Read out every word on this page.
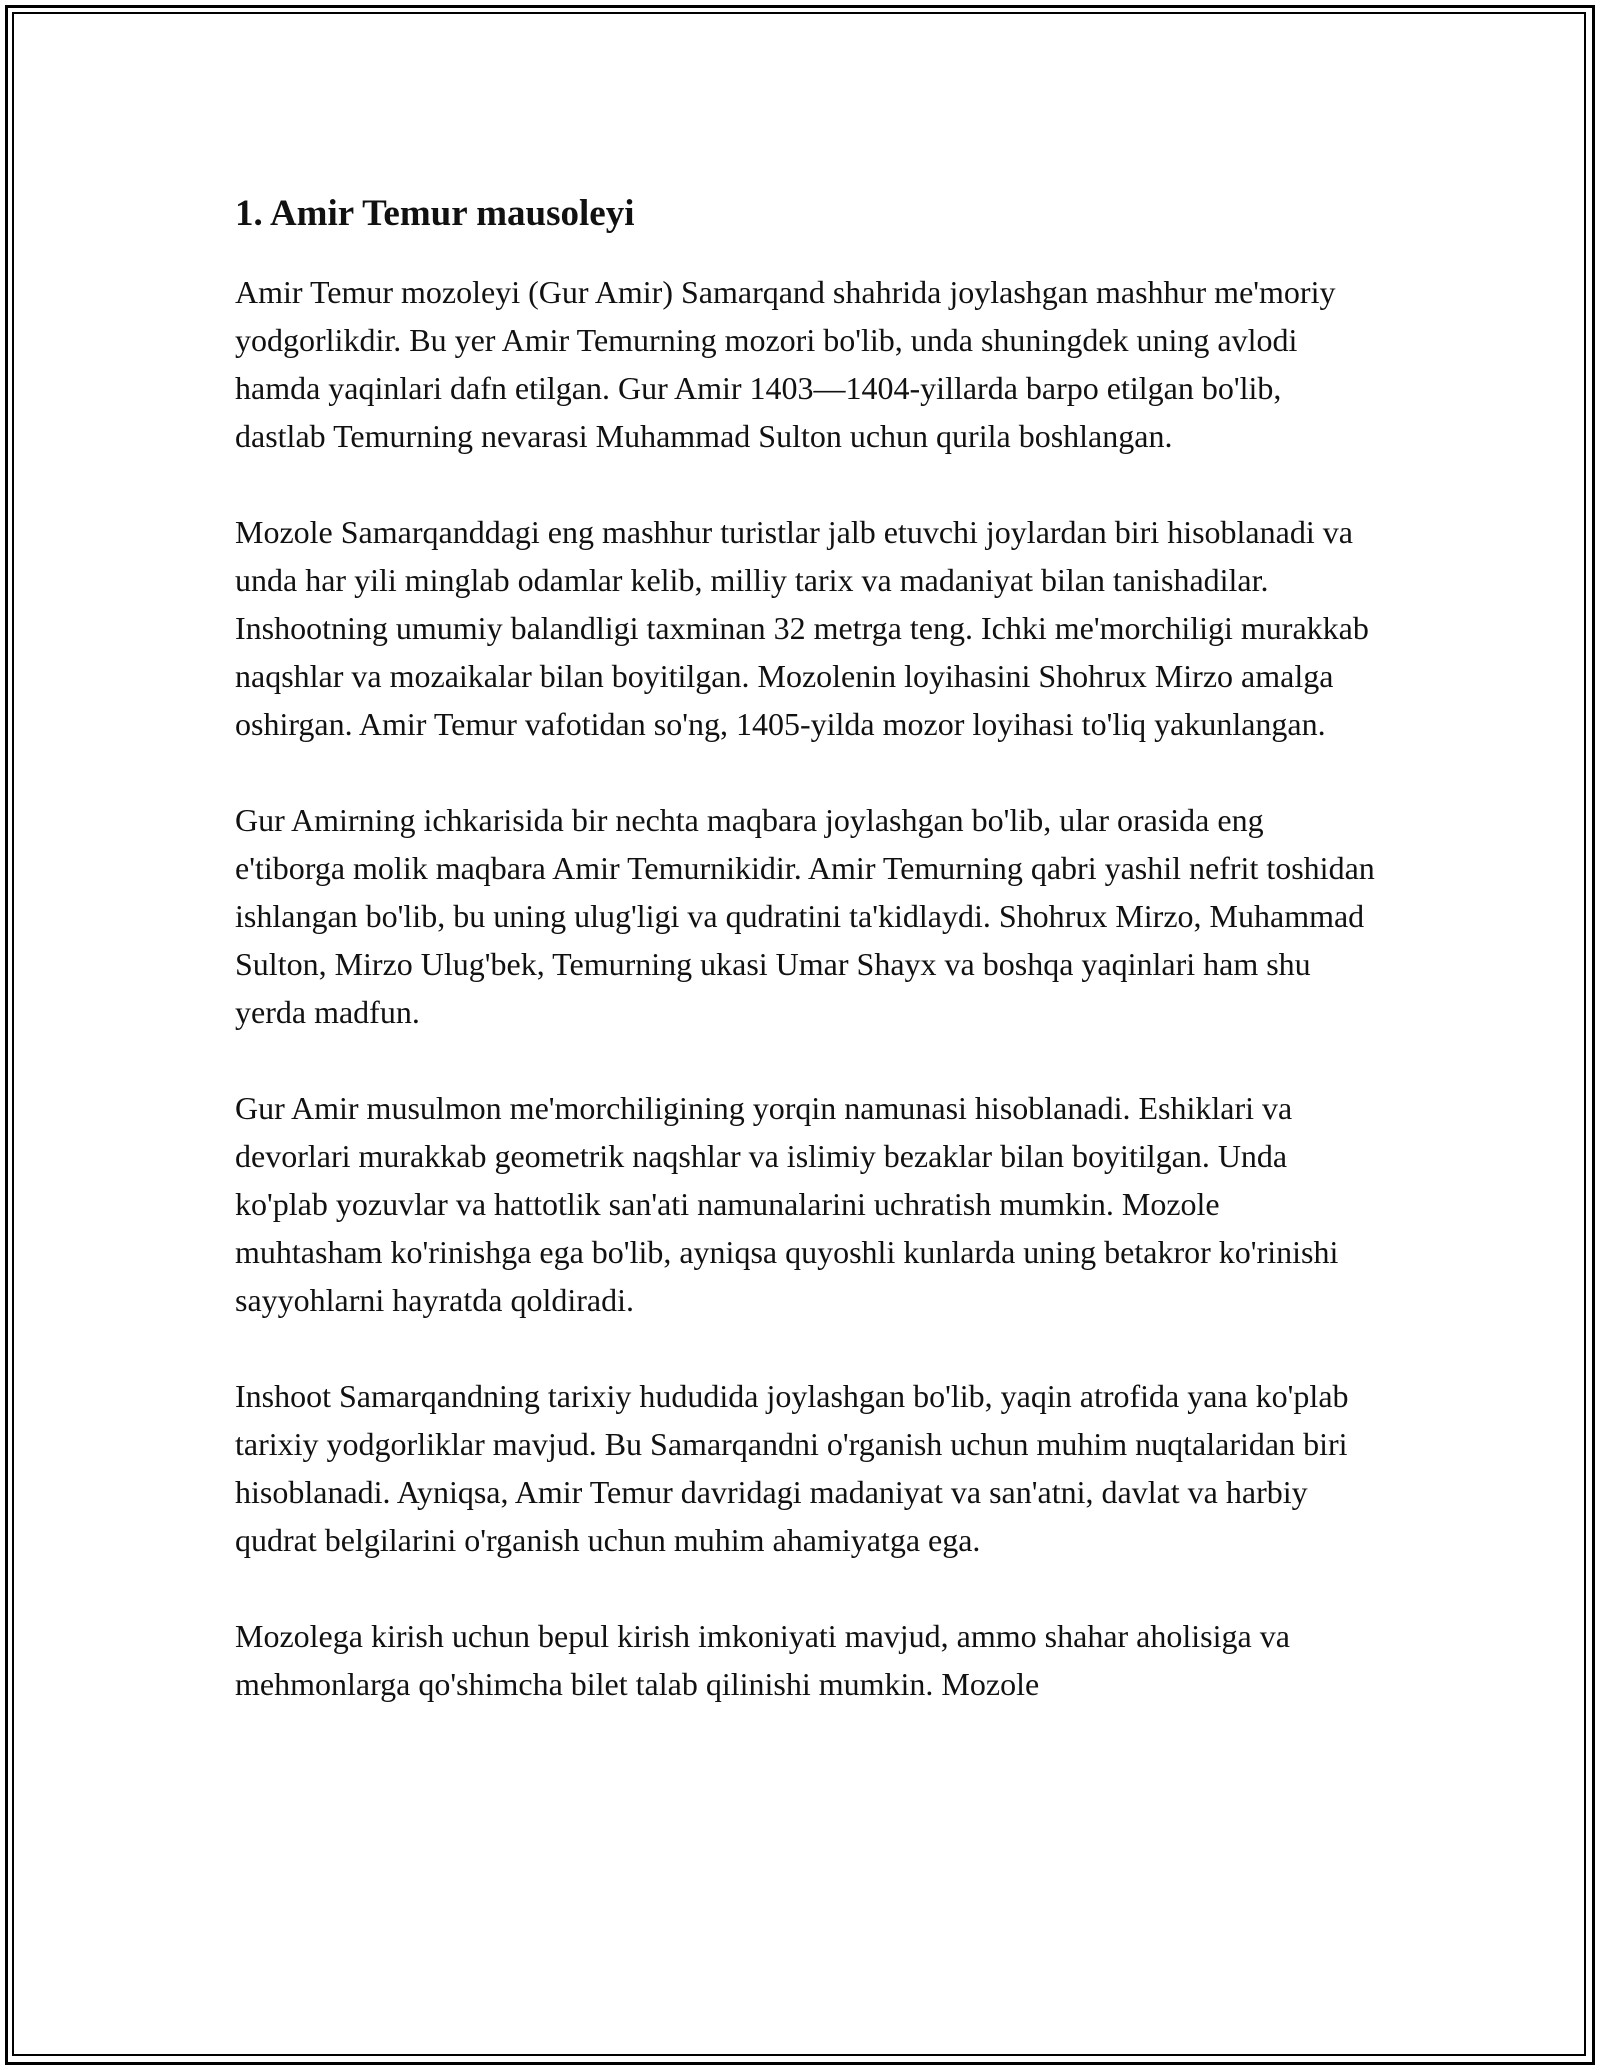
1. Amir Temur mausoleyi

Amir Temur mozoleyi (Gur Amir) Samarqand shahrida joylashgan mashhur me'moriy yodgorlikdir. Bu yer Amir Temurning mozori bo'lib, unda shuningdek uning avlodi hamda yaqinlari dafn etilgan. Gur Amir 1403—1404-yillarda barpo etilgan bo'lib, dastlab Temurning nevarasi Muhammad Sulton uchun qurila boshlangan.

Mozole Samarqanddagi eng mashhur turistlar jalb etuvchi joylardan biri hisoblanadi va unda har yili minglab odamlar kelib, milliy tarix va madaniyat bilan tanishadilar. Inshootning umumiy balandligi taxminan 32 metrga teng. Ichki me'morchiligi murakkab naqshlar va mozaikalar bilan boyitilgan. Mozolenin loyihasini Shohrux Mirzo amalga oshirgan. Amir Temur vafotidan so'ng, 1405-yilda mozor loyihasi to'liq yakunlangan.

Gur Amirning ichkarisida bir nechta maqbara joylashgan bo'lib, ular orasida eng e'tiborga molik maqbara Amir Temurnikidir. Amir Temurning qabri yashil nefrit toshidan ishlangan bo'lib, bu uning ulug'ligi va qudratini ta'kidlaydi. Shohrux Mirzo, Muhammad Sulton, Mirzo Ulug'bek, Temurning ukasi Umar Shayx va boshqa yaqinlari ham shu yerda madfun.

Gur Amir musulmon me'morchiligining yorqin namunasi hisoblanadi. Eshiklari va devorlari murakkab geometrik naqshlar va islimiy bezaklar bilan boyitilgan. Unda ko'plab yozuvlar va hattotlik san'ati namunalarini uchratish mumkin. Mozole muhtasham ko'rinishga ega bo'lib, ayniqsa quyoshli kunlarda uning betakror ko'rinishi sayyohlarni hayratda qoldiradi.

Inshoot Samarqandning tarixiy hududida joylashgan bo'lib, yaqin atrofida yana ko'plab tarixiy yodgorliklar mavjud. Bu Samarqandni o'rganish uchun muhim nuqtalaridan biri hisoblanadi. Ayniqsa, Amir Temur davridagi madaniyat va san'atni, davlat va harbiy qudrat belgilarini o'rganish uchun muhim ahamiyatga ega.

Mozolega kirish uchun bepul kirish imkoniyati mavjud, ammo shahar aholisiga va mehmonlarga qo'shimcha bilet talab qilinishi mumkin. Mozole
